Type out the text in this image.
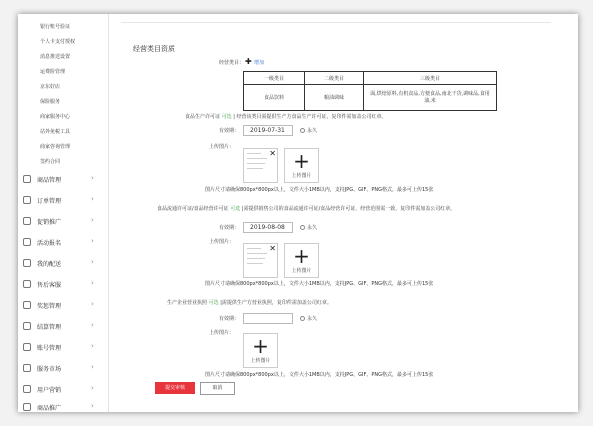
银行账号验证
个人卡支付授权
消息推送设置
运费险管理
京东好店
保险服务
商家服务中心
站外免税工具
商家咨询管理
签约合同
商品管理	›
订单管理	›
促销推广	›
活动报名	›
我的配送	›
售后客服	›
奖惩管理	›
结算管理	›
账号管理	›
服务市场	›
用户营销	›
商品推广	›
经营类目资质
经营类目： ✚ 增加
一级类目	二级类目	三级类目
食品饮料	粮油调味	面,烘焙原料,有机食品,方便食品,南北干货,调味品,食用油,米
食品生产许可证 可选 | 经营该类目需提供生产方食品生产许可证，复印件需加盖公司红章。
有效期：	2019-07-31	永久
上传图片：
✕ +
上传图片
图片尺寸请确保800px*800px以上，文件大小1MB以内，支持JPG、GIF、PNG格式，最多可上传15张
食品流通许可证/食品经营许可证 可选 |需提供销售公司的食品流通许可证/食品经营许可证，经营范围需一致，复印件需加盖公司红章。
有效期：	2019-08-08	永久
上传图片：
✕ +
上传图片
图片尺寸请确保800px*800px以上，文件大小1MB以内，支持JPG、GIF、PNG格式，最多可上传15张
生产企业营业执照 可选 |需提供生产方营业执照，复印件需加盖公司红章。
有效期：	永久
上传图片：
+
上传图片
图片尺寸请确保800px*800px以上，文件大小1MB以内，支持JPG、GIF、PNG格式，最多可上传15张
提交审核	取消
